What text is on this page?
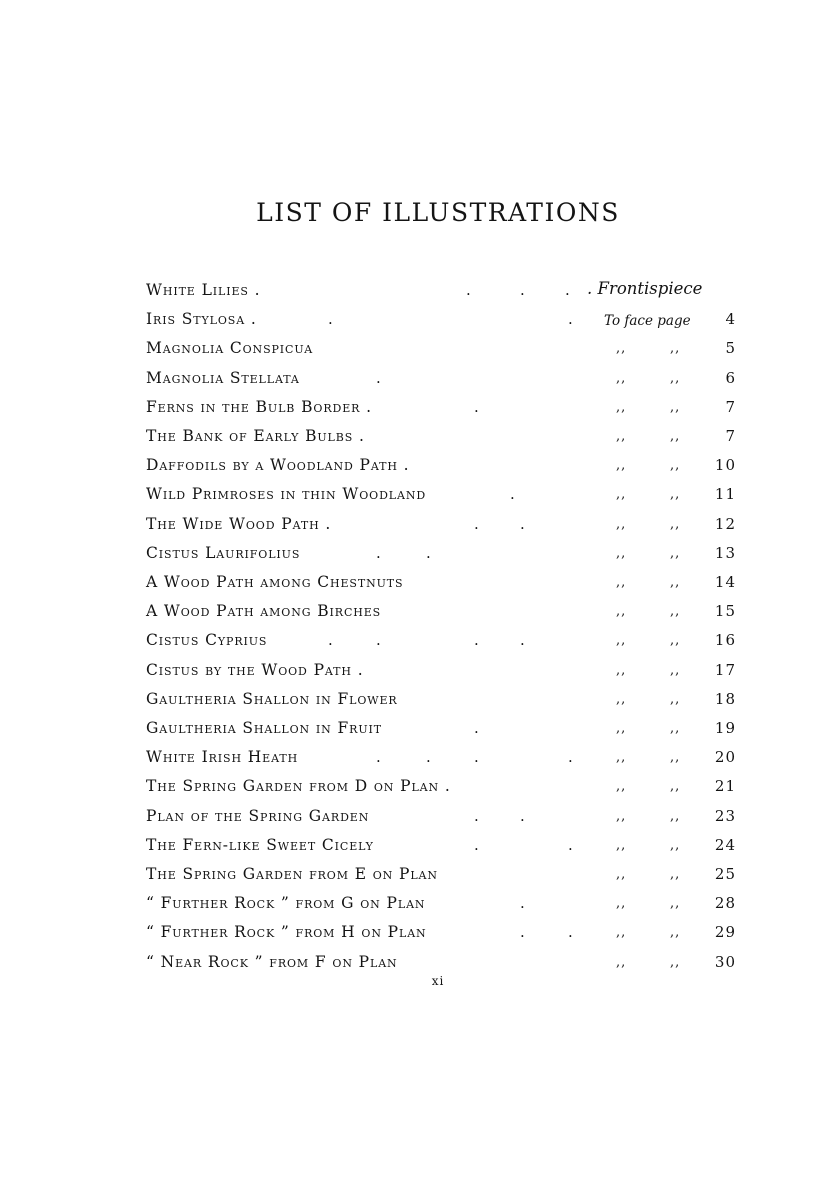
LIST OF ILLUSTRATIONS
White Lilies .	.	.	. . Frontispiece
Iris Stylosa .	.	. To face page	4
Magnolia Conspicua	,,	,,	5
Magnolia Stellata	.	,,	,,	6
Ferns in the Bulb Border .	.	,,	,,	7
The Bank of Early Bulbs .	,,	,,	7
Daffodils by a Woodland Path .	,,	,,	10
Wild Primroses in thin Woodland	.	,,	,,	11
The Wide Wood Path .	.	.	,,	,,	12
Cistus Laurifolius	.	.	,,	,,	13
A Wood Path among Chestnuts	,,	,,	14
A Wood Path among Birches	,,	,,	15
Cistus Cyprius	.	.	.	.	,,	,,	16
Cistus by the Wood Path .	,,	,,	17
Gaultheria Shallon in Flower	,,	,,	18
Gaultheria Shallon in Fruit	.	,,	,,	19
White Irish Heath	.	.	.	.	,,	,,	20
The Spring Garden from D on Plan .	,,	,,	21
Plan of the Spring Garden	.	.	,,	,,	23
The Fern-like Sweet Cicely	.	.	,,	,,	24
The Spring Garden from E on Plan	,,	,,	25
“ Further Rock ” from G on Plan	.	,,	,,	28
“ Further Rock ” from H on Plan	.	.	,,	,,	29
“ Near Rock ” from F on Plan	,,	,,	30
xi
